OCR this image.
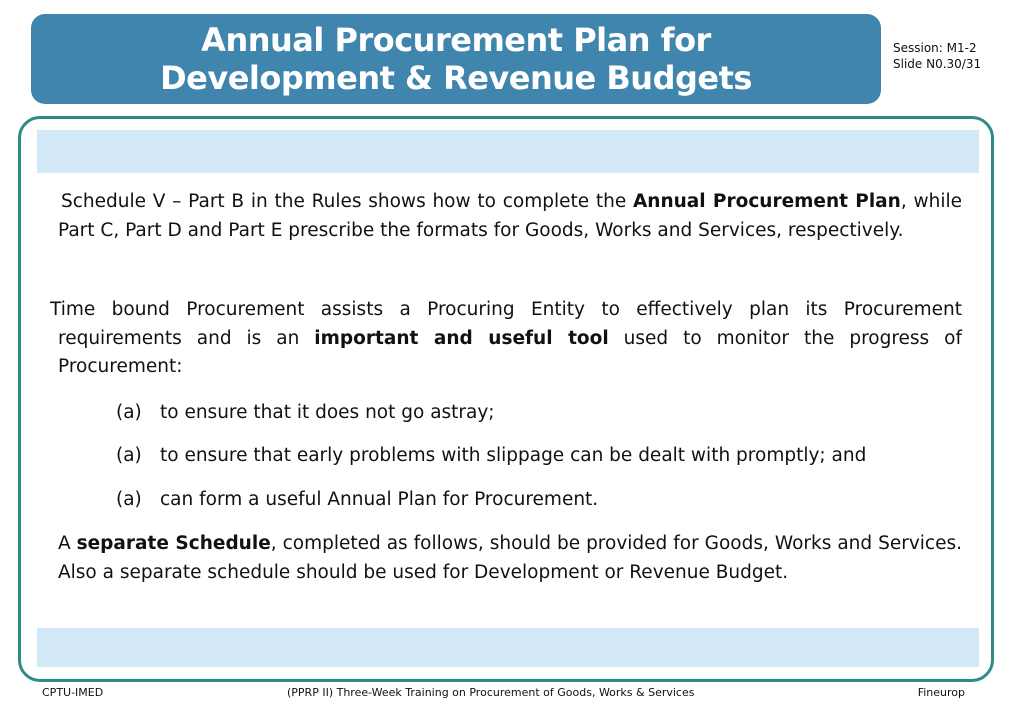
Annual Procurement Plan for
Development & Revenue Budgets
Session: M1-2
Slide N0.30/31
Schedule V – Part B in the Rules shows how to complete the Annual Procurement Plan, while Part C, Part D and Part E prescribe the formats for Goods, Works and Services, respectively.
Time bound Procurement assists a Procuring Entity to effectively plan its Procurement requirements and is an important and useful tool used to monitor the progress of Procurement:
(a) to ensure that it does not go astray;
(a) to ensure that early problems with slippage can be dealt with promptly; and
(a) can form a useful Annual Plan for Procurement.
A separate Schedule, completed as follows, should be provided for Goods, Works and Services. Also a separate schedule should be used for Development or Revenue Budget.
CPTU-IMED	(PPRP II) Three-Week Training on Procurement of Goods, Works & Services	Fineurop
